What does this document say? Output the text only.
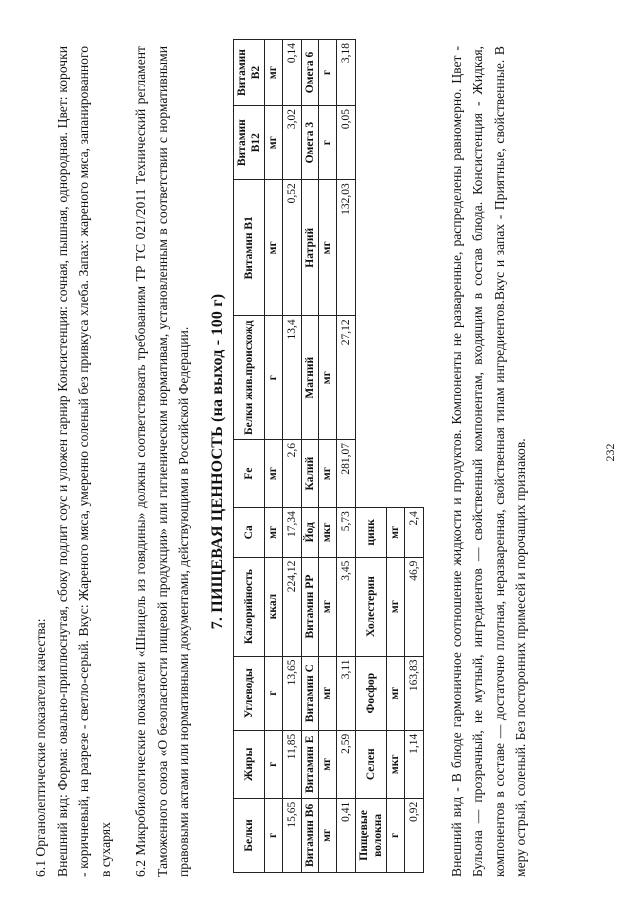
6.1 Органолептические показатели качества: Внешний вид: Форма: овально-приплюснутая, сбоку подлит соус и уложен гарнир Консистенция: сочная, пышная, однородная. Цвет: корочки - коричневый, на разрезе - светло-серый. Вкус: Жареного мяса, умеренно соленый без привкуса хлеба. Запах: жареного мяса, запанированного в сухарях 6.2 Микробиологические показатели «Шницель из говядины» должны соответствовать требованиям ТР ТС 021/2011 Технический регламент Таможенного союза «О безопасности пищевой продукции» или гигиеническим нормативам, установленным в соответствии с нормативными правовыми актами или нормативными документами, действующими в Российской Федерации. 7. ПИЩЕВАЯ ЦЕННОСТЬ (на выход - 100 г)
Белки	Жиры	Углеводы	Калорийность	Ca	Fe	Белки жив.происхожд	Витамин B1	Витамин B12	Витамин B2
г	г	г	ккал	мг	мг	г	мг	мг	мг
15,65	11,85	13,65	224,12	17,34	2,6	13,4	0,52	3,02	0,14
Витамин B6	Витамин E	Витамин C	Витамин PP	Йод	Калий	Магний	Натрий	Омега 3	Омега 6
мг	мг	мг	мг	мкг	мг	мг	мг	г	г
0,41	2,59	3,11	3,45	5,73	281,07	27,12	132,03	0,05	3,18
Пищевые волокна	Селен	Фосфор	Холестерин	цинк					
г	мкг	мг	мг	мг					
0,92	1,14	163,83	46,9	2,4					Внешний вид - В блюде гармоничное соотношение жидкости и продуктов. Компоненты не разваренные, распределены равномерно. Цвет - Бульона — прозрачный, не мутный, ингредиентов — свойственный компонентам, входящим в состав блюда. Консистенция - Жидкая, компонентов в составе — достаточно плотная, неразваренная, свойственная типам ингредиентов.Вкус и запах - Приятные, свойственные. В меру острый, соленый. Без посторонних примесей и порочащих признаков.	232
